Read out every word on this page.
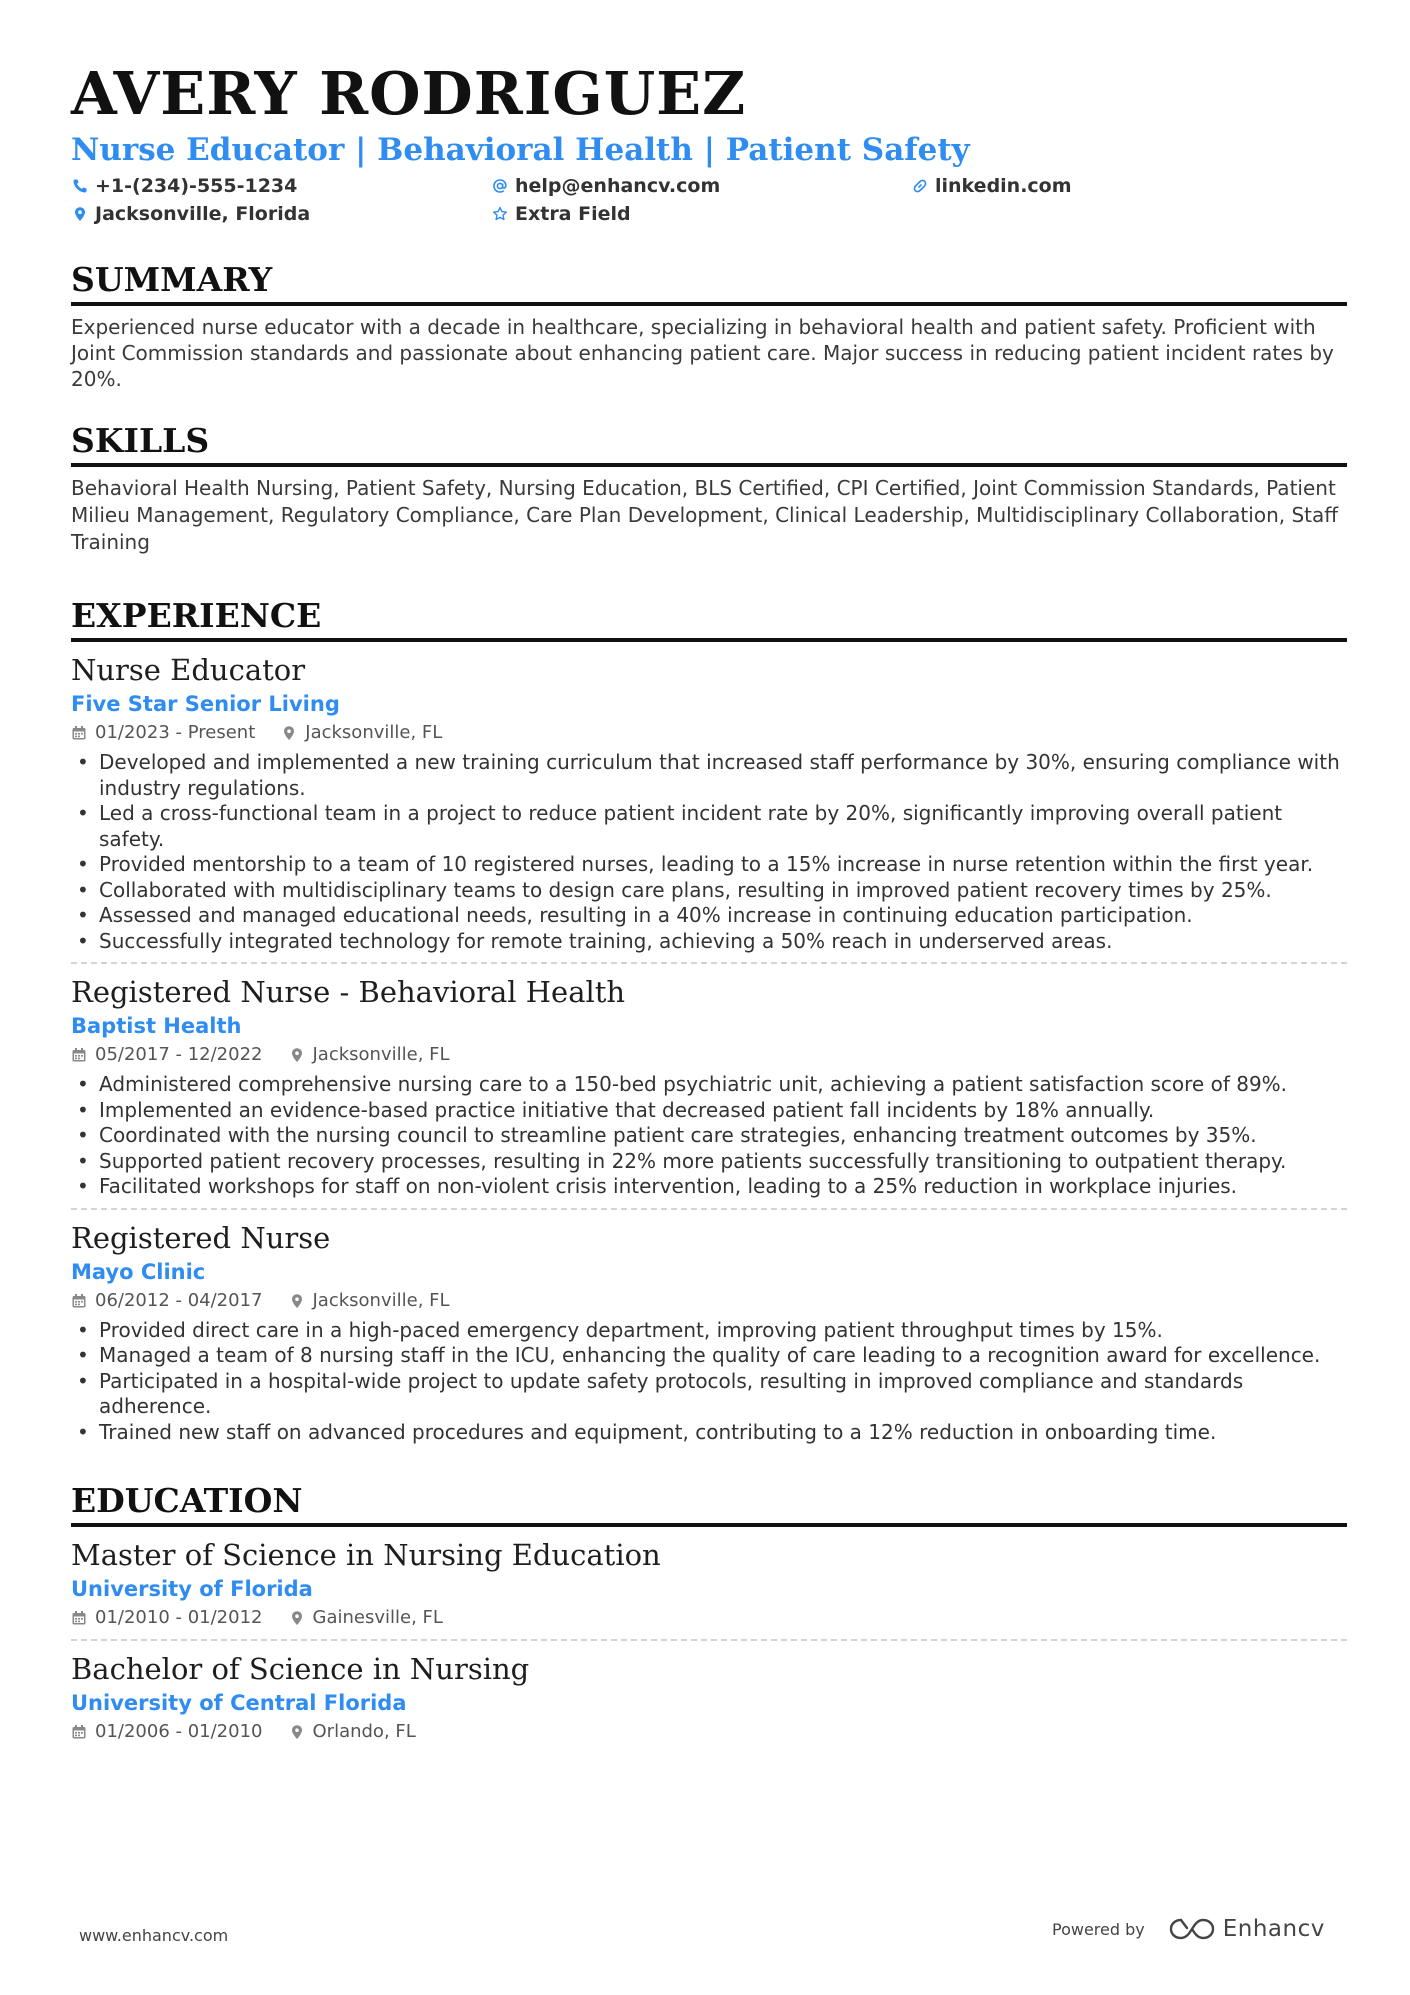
AVERY RODRIGUEZ
Nurse Educator | Behavioral Health | Patient Safety
+1-(234)-555-1234	help@enhancv.com	linkedin.com
Jacksonville, Florida	Extra Field
SUMMARY
Experienced nurse educator with a decade in healthcare, specializing in behavioral health and patient safety. Proficient with Joint Commission standards and passionate about enhancing patient care. Major success in reducing patient incident rates by 20%.
SKILLS
Behavioral Health Nursing, Patient Safety, Nursing Education, BLS Certified, CPI Certified, Joint Commission Standards, Patient Milieu Management, Regulatory Compliance, Care Plan Development, Clinical Leadership, Multidisciplinary Collaboration, Staff Training
EXPERIENCE
Nurse Educator
Five Star Senior Living
01/2023 - Present	Jacksonville, FL
• Developed and implemented a new training curriculum that increased staff performance by 30%, ensuring compliance with industry regulations.
• Led a cross-functional team in a project to reduce patient incident rate by 20%, significantly improving overall patient safety.
• Provided mentorship to a team of 10 registered nurses, leading to a 15% increase in nurse retention within the first year.
• Collaborated with multidisciplinary teams to design care plans, resulting in improved patient recovery times by 25%.
• Assessed and managed educational needs, resulting in a 40% increase in continuing education participation.
• Successfully integrated technology for remote training, achieving a 50% reach in underserved areas.
Registered Nurse - Behavioral Health
Baptist Health
05/2017 - 12/2022	Jacksonville, FL
• Administered comprehensive nursing care to a 150-bed psychiatric unit, achieving a patient satisfaction score of 89%.
• Implemented an evidence-based practice initiative that decreased patient fall incidents by 18% annually.
• Coordinated with the nursing council to streamline patient care strategies, enhancing treatment outcomes by 35%.
• Supported patient recovery processes, resulting in 22% more patients successfully transitioning to outpatient therapy.
• Facilitated workshops for staff on non-violent crisis intervention, leading to a 25% reduction in workplace injuries.
Registered Nurse
Mayo Clinic
06/2012 - 04/2017	Jacksonville, FL
• Provided direct care in a high-paced emergency department, improving patient throughput times by 15%.
• Managed a team of 8 nursing staff in the ICU, enhancing the quality of care leading to a recognition award for excellence.
• Participated in a hospital-wide project to update safety protocols, resulting in improved compliance and standards adherence.
• Trained new staff on advanced procedures and equipment, contributing to a 12% reduction in onboarding time.
EDUCATION
Master of Science in Nursing Education
University of Florida
01/2010 - 01/2012	Gainesville, FL
Bachelor of Science in Nursing
University of Central Florida
01/2006 - 01/2010	Orlando, FL
www.enhancv.com	Powered by	Enhancv
